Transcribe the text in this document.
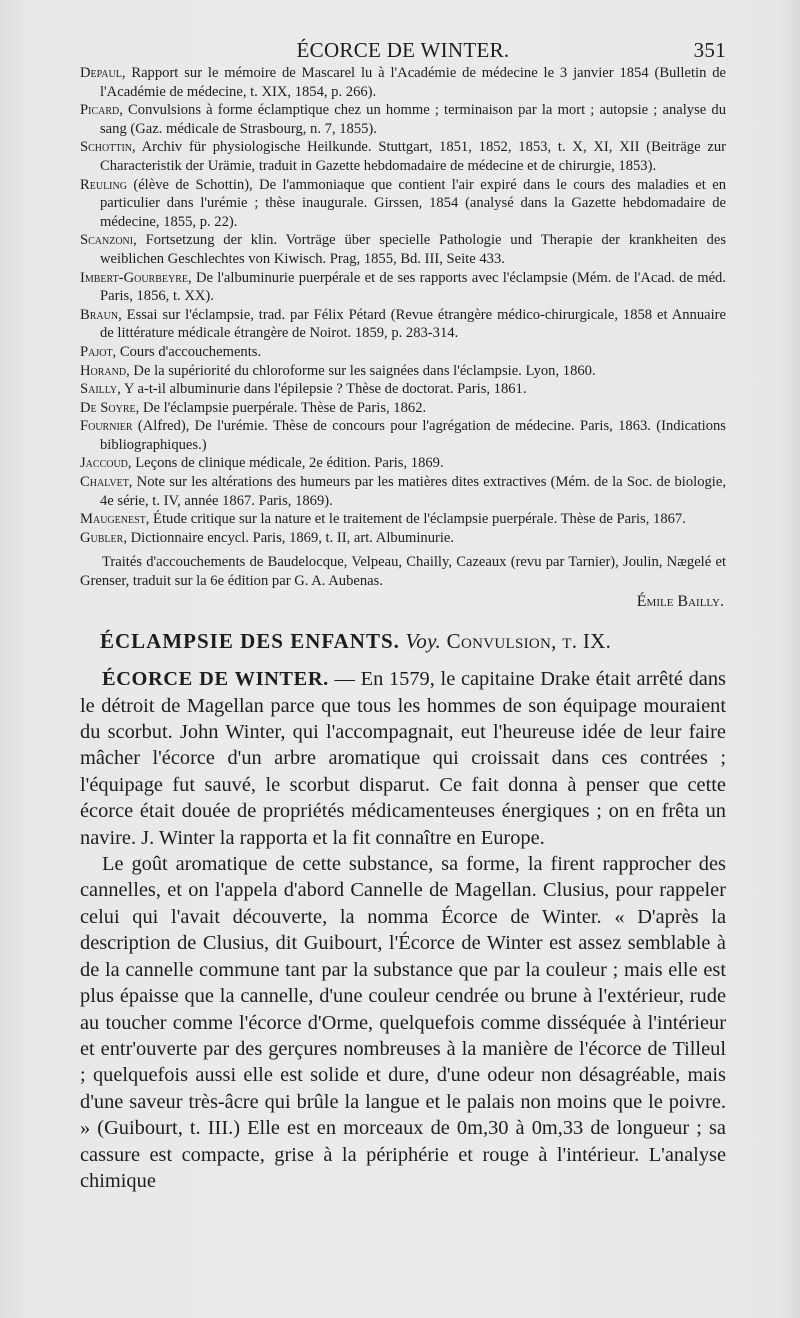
ÉCORCE DE WINTER.	351

Depaul, Rapport sur le mémoire de Mascarel lu à l'Académie de médecine le 3 janvier 1854 (Bulletin de l'Académie de médecine, t. XIX, 1854, p. 266).

Picard, Convulsions à forme éclamptique chez un homme ; terminaison par la mort ; autopsie ; analyse du sang (Gaz. médicale de Strasbourg, n. 7, 1855).

Schottin, Archiv für physiologische Heilkunde. Stuttgart, 1851, 1852, 1853, t. X, XI, XII (Beiträge zur Characteristik der Urämie, traduit in Gazette hebdomadaire de médecine et de chirurgie, 1853).

Reuling (élève de Schottin), De l'ammoniaque que contient l'air expiré dans le cours des maladies et en particulier dans l'urémie ; thèse inaugurale. Girssen, 1854 (analysé dans la Gazette hebdomadaire de médecine, 1855, p. 22).

Scanzoni, Fortsetzung der klin. Vorträge über specielle Pathologie und Therapie der krankheiten des weiblichen Geschlechtes von Kiwisch. Prag, 1855, Bd. III, Seite 433.

Imbert-Gourbeyre, De l'albuminurie puerpérale et de ses rapports avec l'éclampsie (Mém. de l'Acad. de méd. Paris, 1856, t. XX).

Braun, Essai sur l'éclampsie, trad. par Félix Pétard (Revue étrangère médico-chirurgicale, 1858 et Annuaire de littérature médicale étrangère de Noirot. 1859, p. 283-314.

Pajot, Cours d'accouchements.

Horand, De la supériorité du chloroforme sur les saignées dans l'éclampsie. Lyon, 1860.

Sailly, Y a-t-il albuminurie dans l'épilepsie ? Thèse de doctorat. Paris, 1861.

De Soyre, De l'éclampsie puerpérale. Thèse de Paris, 1862.

Fournier (Alfred), De l'urémie. Thèse de concours pour l'agrégation de médecine. Paris, 1863. (Indications bibliographiques.)

Jaccoud, Leçons de clinique médicale, 2e édition. Paris, 1869.

Chalvet, Note sur les altérations des humeurs par les matières dites extractives (Mém. de la Soc. de biologie, 4e série, t. IV, année 1867. Paris, 1869).

Maugenest, Étude critique sur la nature et le traitement de l'éclampsie puerpérale. Thèse de Paris, 1867.

Gubler, Dictionnaire encycl. Paris, 1869, t. II, art. Albuminurie.

Traités d'accouchements de Baudelocque, Velpeau, Chailly, Cazeaux (revu par Tarnier), Joulin, Nægelé et Grenser, traduit sur la 6e édition par G. A. Aubenas.

Émile Bailly.
ÉCLAMPSIE DES ENFANTS. Voy. Convulsion, t. IX.

ÉCORCE DE WINTER. — En 1579, le capitaine Drake était arrêté dans le détroit de Magellan parce que tous les hommes de son équipage mouraient du scorbut. John Winter, qui l'accompagnait, eut l'heureuse idée de leur faire mâcher l'écorce d'un arbre aromatique qui croissait dans ces contrées ; l'équipage fut sauvé, le scorbut disparut. Ce fait donna à penser que cette écorce était douée de propriétés médicamenteuses énergiques ; on en frêta un navire. J. Winter la rapporta et la fit connaître en Europe.

Le goût aromatique de cette substance, sa forme, la firent rapprocher des cannelles, et on l'appela d'abord Cannelle de Magellan. Clusius, pour rappeler celui qui l'avait découverte, la nomma Écorce de Winter. « D'après la description de Clusius, dit Guibourt, l'Écorce de Winter est assez semblable à de la cannelle commune tant par la substance que par la couleur ; mais elle est plus épaisse que la cannelle, d'une couleur cendrée ou brune à l'extérieur, rude au toucher comme l'écorce d'Orme, quelquefois comme disséquée à l'intérieur et entr'ouverte par des gerçures nombreuses à la manière de l'écorce de Tilleul ; quelquefois aussi elle est solide et dure, d'une odeur non désagréable, mais d'une saveur très-âcre qui brûle la langue et le palais non moins que le poivre. » (Guibourt, t. III.) Elle est en morceaux de 0m,30 à 0m,33 de longueur ; sa cassure est compacte, grise à la périphérie et rouge à l'intérieur. L'analyse chimique
